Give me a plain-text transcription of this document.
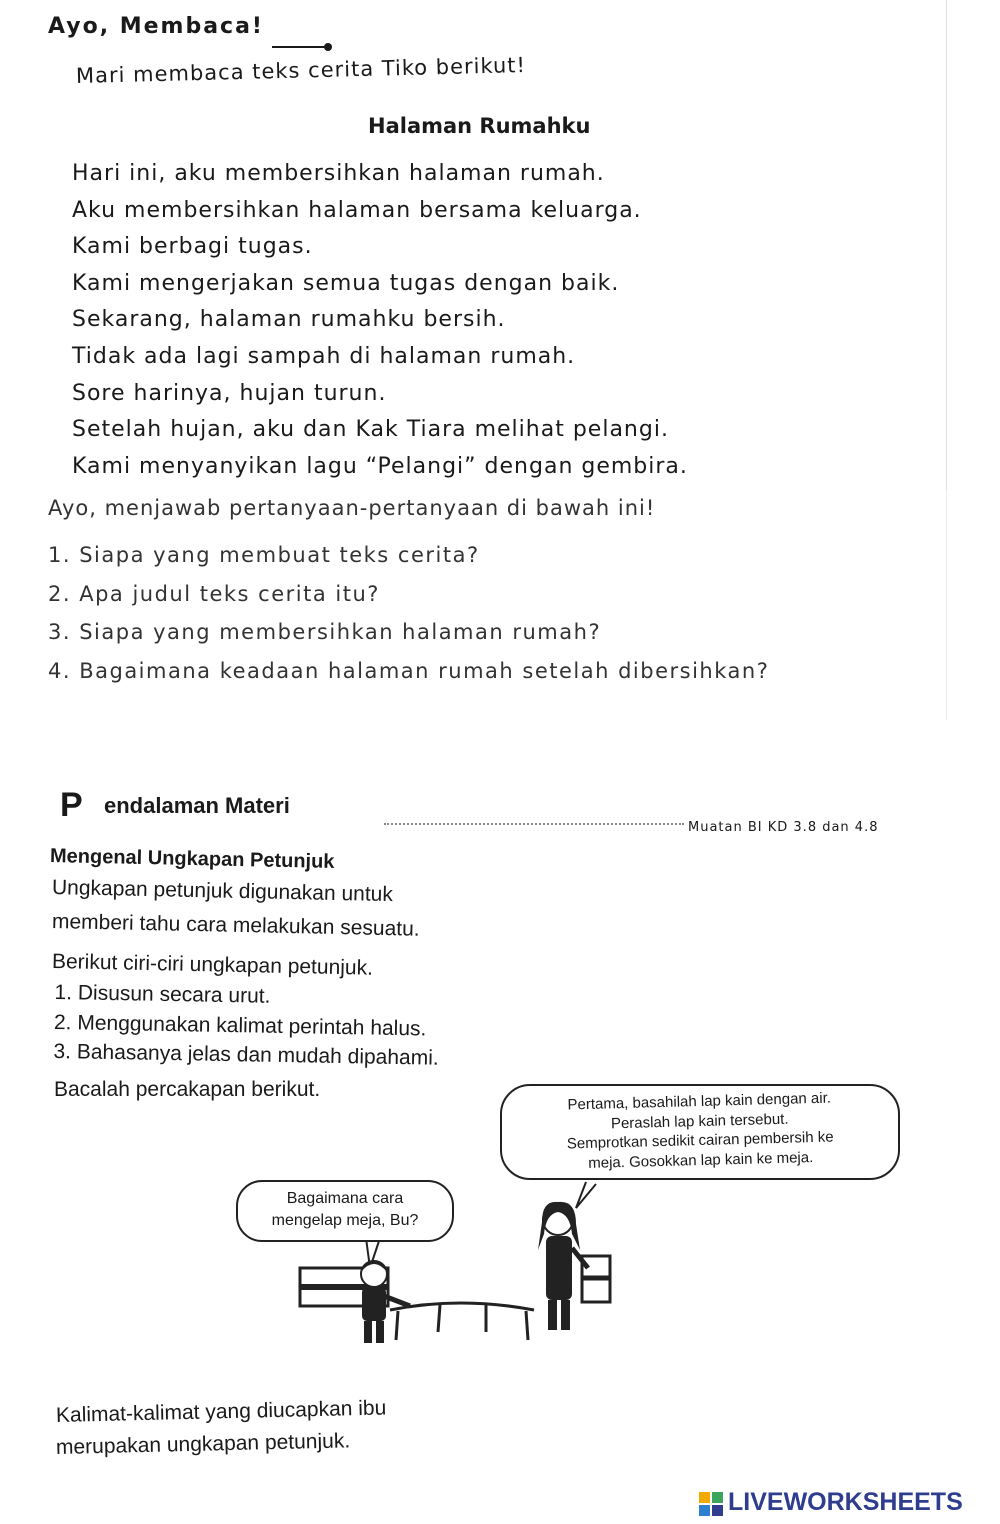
Ayo, Membaca!
Mari membaca teks cerita Tiko berikut!
Halaman Rumahku
Hari ini, aku membersihkan halaman rumah.
Aku membersihkan halaman bersama keluarga.
Kami berbagi tugas.
Kami mengerjakan semua tugas dengan baik.
Sekarang, halaman rumahku bersih.
Tidak ada lagi sampah di halaman rumah.
Sore harinya, hujan turun.
Setelah hujan, aku dan Kak Tiara melihat pelangi.
Kami menyanyikan lagu “Pelangi” dengan gembira.
Ayo, menjawab pertanyaan-pertanyaan di bawah ini!
1. Siapa yang membuat teks cerita?
2. Apa judul teks cerita itu?
3. Siapa yang membersihkan halaman rumah?
4. Bagaimana keadaan halaman rumah setelah dibersihkan?
P endalaman Materi
Muatan BI KD 3.8 dan 4.8
Mengenal Ungkapan Petunjuk
Ungkapan petunjuk digunakan untuk
memberi tahu cara melakukan sesuatu.
Berikut ciri-ciri ungkapan petunjuk.
1. Disusun secara urut.
2. Menggunakan kalimat perintah halus.
3. Bahasanya jelas dan mudah dipahami.
Bacalah percakapan berikut.
Pertama, basahilah lap kain dengan air.
Peraslah lap kain tersebut.
Semprotkan sedikit cairan pembersih ke
meja. Gosokkan lap kain ke meja.
Bagaimana cara
mengelap meja, Bu?
Kalimat-kalimat yang diucapkan ibu
merupakan ungkapan petunjuk.
LIVEWORKSHEETS
